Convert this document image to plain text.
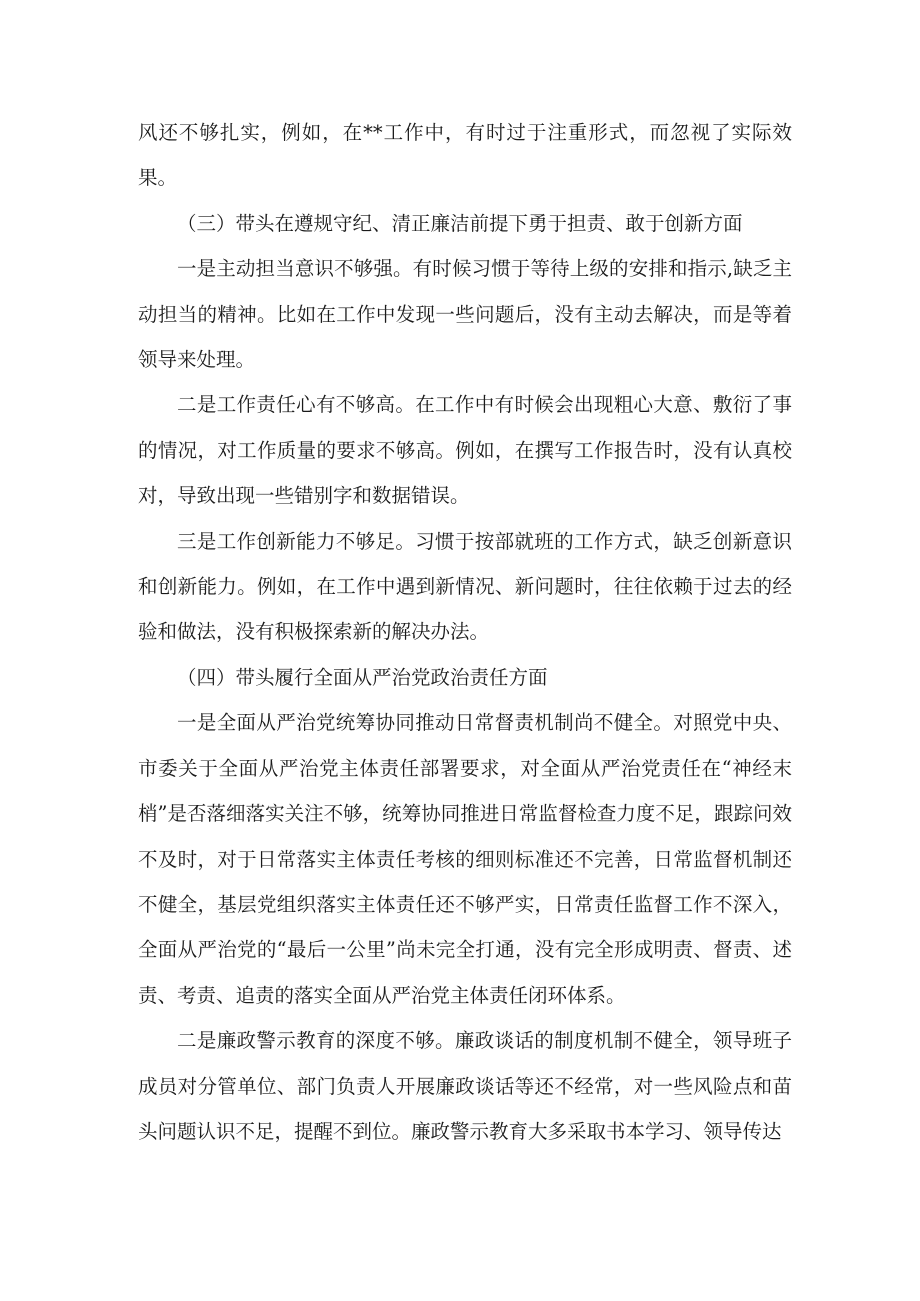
风还不够扎实，例如，在**工作中，有时过于注重形式，而忽视了实际效果。

（三）带头在遵规守纪、清正廉洁前提下勇于担责、敢于创新方面

一是主动担当意识不够强。有时候习惯于等待上级的安排和指示,缺乏主动担当的精神。比如在工作中发现一些问题后，没有主动去解决，而是等着领导来处理。

二是工作责任心有不够高。在工作中有时候会出现粗心大意、敷衍了事的情况，对工作质量的要求不够高。例如，在撰写工作报告时，没有认真校对，导致出现一些错别字和数据错误。

三是工作创新能力不够足。习惯于按部就班的工作方式，缺乏创新意识和创新能力。例如，在工作中遇到新情况、新问题时，往往依赖于过去的经验和做法，没有积极探索新的解决办法。

（四）带头履行全面从严治党政治责任方面

一是全面从严治党统筹协同推动日常督责机制尚不健全。对照党中央、市委关于全面从严治党主体责任部署要求，对全面从严治党责任在“神经末梢”是否落细落实关注不够，统筹协同推进日常监督检查力度不足，跟踪问效不及时，对于日常落实主体责任考核的细则标准还不完善，日常监督机制还不健全，基层党组织落实主体责任还不够严实，日常责任监督工作不深入，全面从严治党的“最后一公里”尚未完全打通，没有完全形成明责、督责、述责、考责、追责的落实全面从严治党主体责任闭环体系。

二是廉政警示教育的深度不够。廉政谈话的制度机制不健全，领导班子成员对分管单位、部门负责人开展廉政谈话等还不经常，对一些风险点和苗头问题认识不足，提醒不到位。廉政警示教育大多采取书本学习、领导传达
